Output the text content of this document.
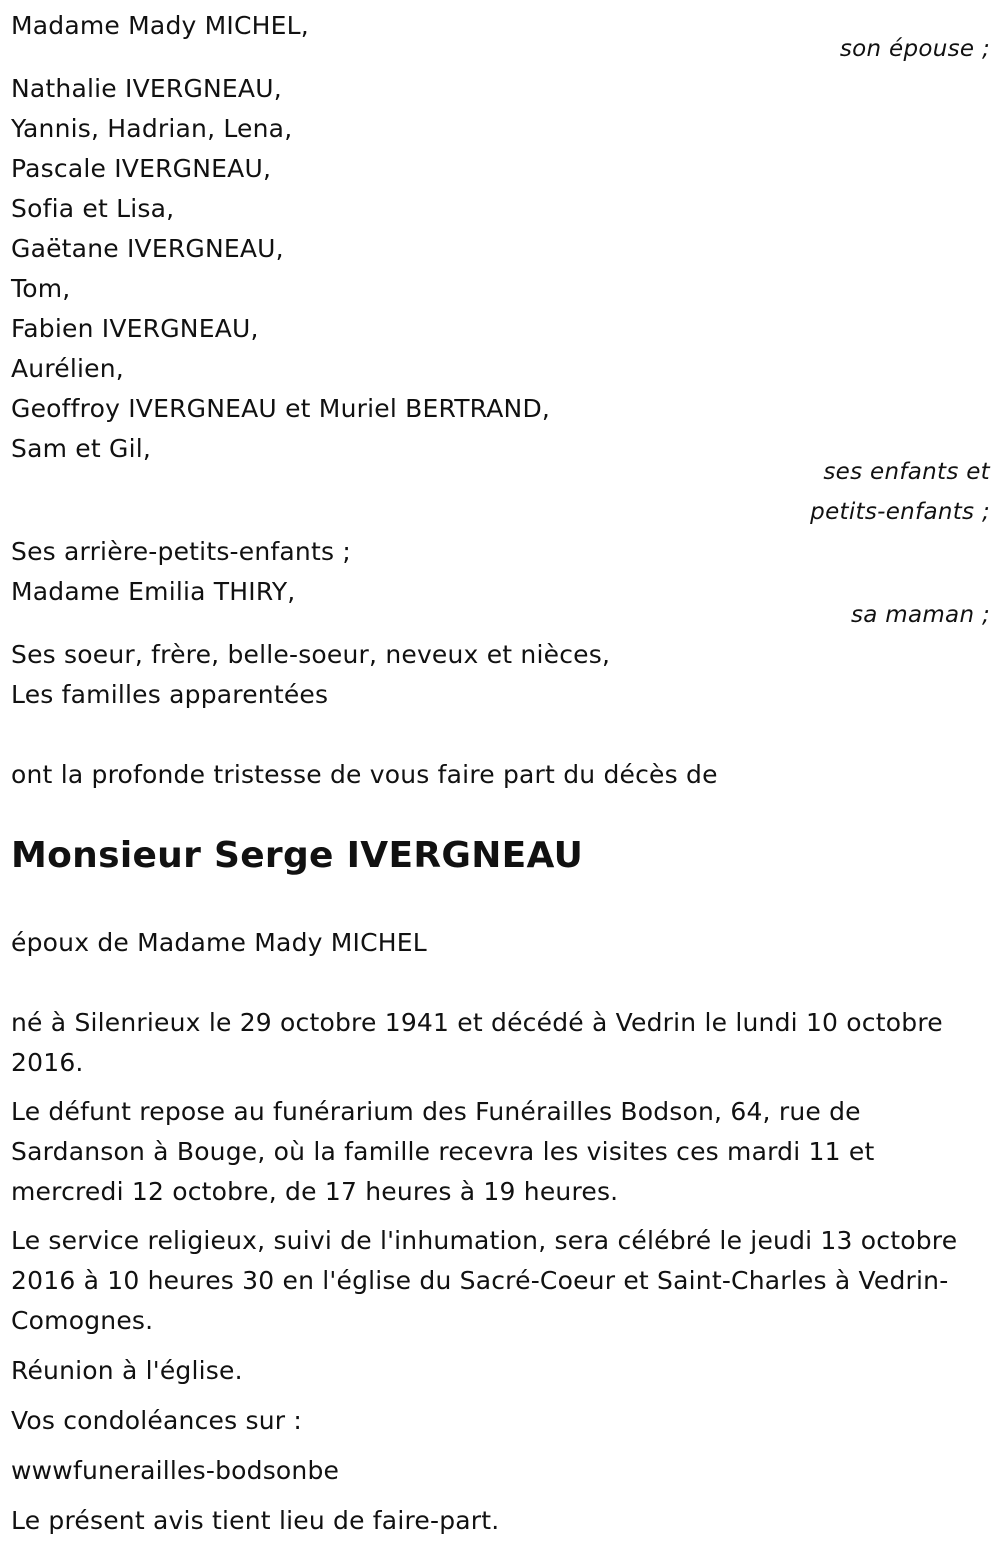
Madame Mady MICHEL,
son épouse ;
Nathalie IVERGNEAU,
Yannis, Hadrian, Lena,
Pascale IVERGNEAU,
Sofia et Lisa,
Gaëtane IVERGNEAU,
Tom,
Fabien IVERGNEAU,
Aurélien,
Geoffroy IVERGNEAU et Muriel BERTRAND,
Sam et Gil,
ses enfants et
petits-enfants ;
Ses arrière-petits-enfants ;
Madame Emilia THIRY,
sa maman ;
Ses soeur, frère, belle-soeur, neveux et nièces,
Les familles apparentées
ont la profonde tristesse de vous faire part du décès de
Monsieur Serge IVERGNEAU
époux de Madame Mady MICHEL
né à Silenrieux le 29 octobre 1941 et décédé à Vedrin le lundi 10 octobre 2016.
Le défunt repose au funérarium des Funérailles Bodson, 64, rue de Sardanson à Bouge, où la famille recevra les visites ces mardi 11 et mercredi 12 octobre, de 17 heures à 19 heures.
Le service religieux, suivi de l'inhumation, sera célébré le jeudi 13 octobre 2016 à 10 heures 30 en l'église du Sacré-Coeur et Saint-Charles à Vedrin-Comognes.
Réunion à l'église.
Vos condoléances sur :
wwwfunerailles-bodsonbe
Le présent avis tient lieu de faire-part.
